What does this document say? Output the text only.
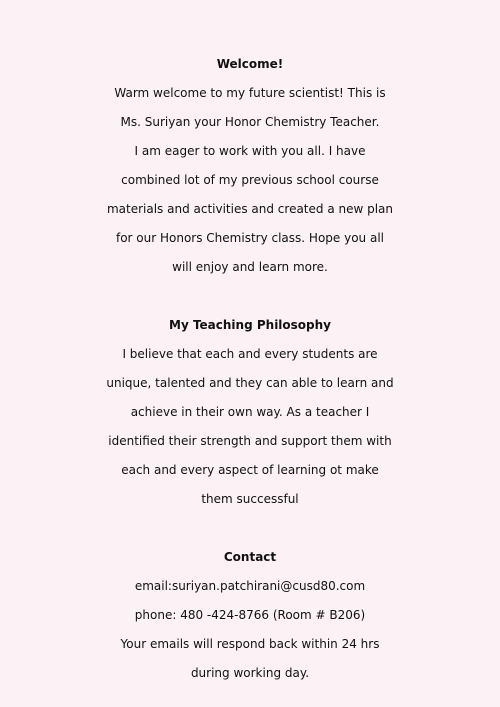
Welcome!

Warm welcome to my future scientist! This is

Ms. Suriyan your Honor Chemistry Teacher.

I am eager to work with you all. I have

combined lot of my previous school course

materials and activities and created a new plan

for our Honors Chemistry class. Hope you all

will enjoy and learn more.

My Teaching Philosophy

I believe that each and every students are

unique, talented and they can able to learn and

achieve in their own way. As a teacher I

identified their strength and support them with

each and every aspect of learning ot make

them successful

Contact

email:suriyan.patchirani@cusd80.com

phone: 480 -424-8766 (Room # B206)

Your emails will respond back within 24 hrs

during working day.
